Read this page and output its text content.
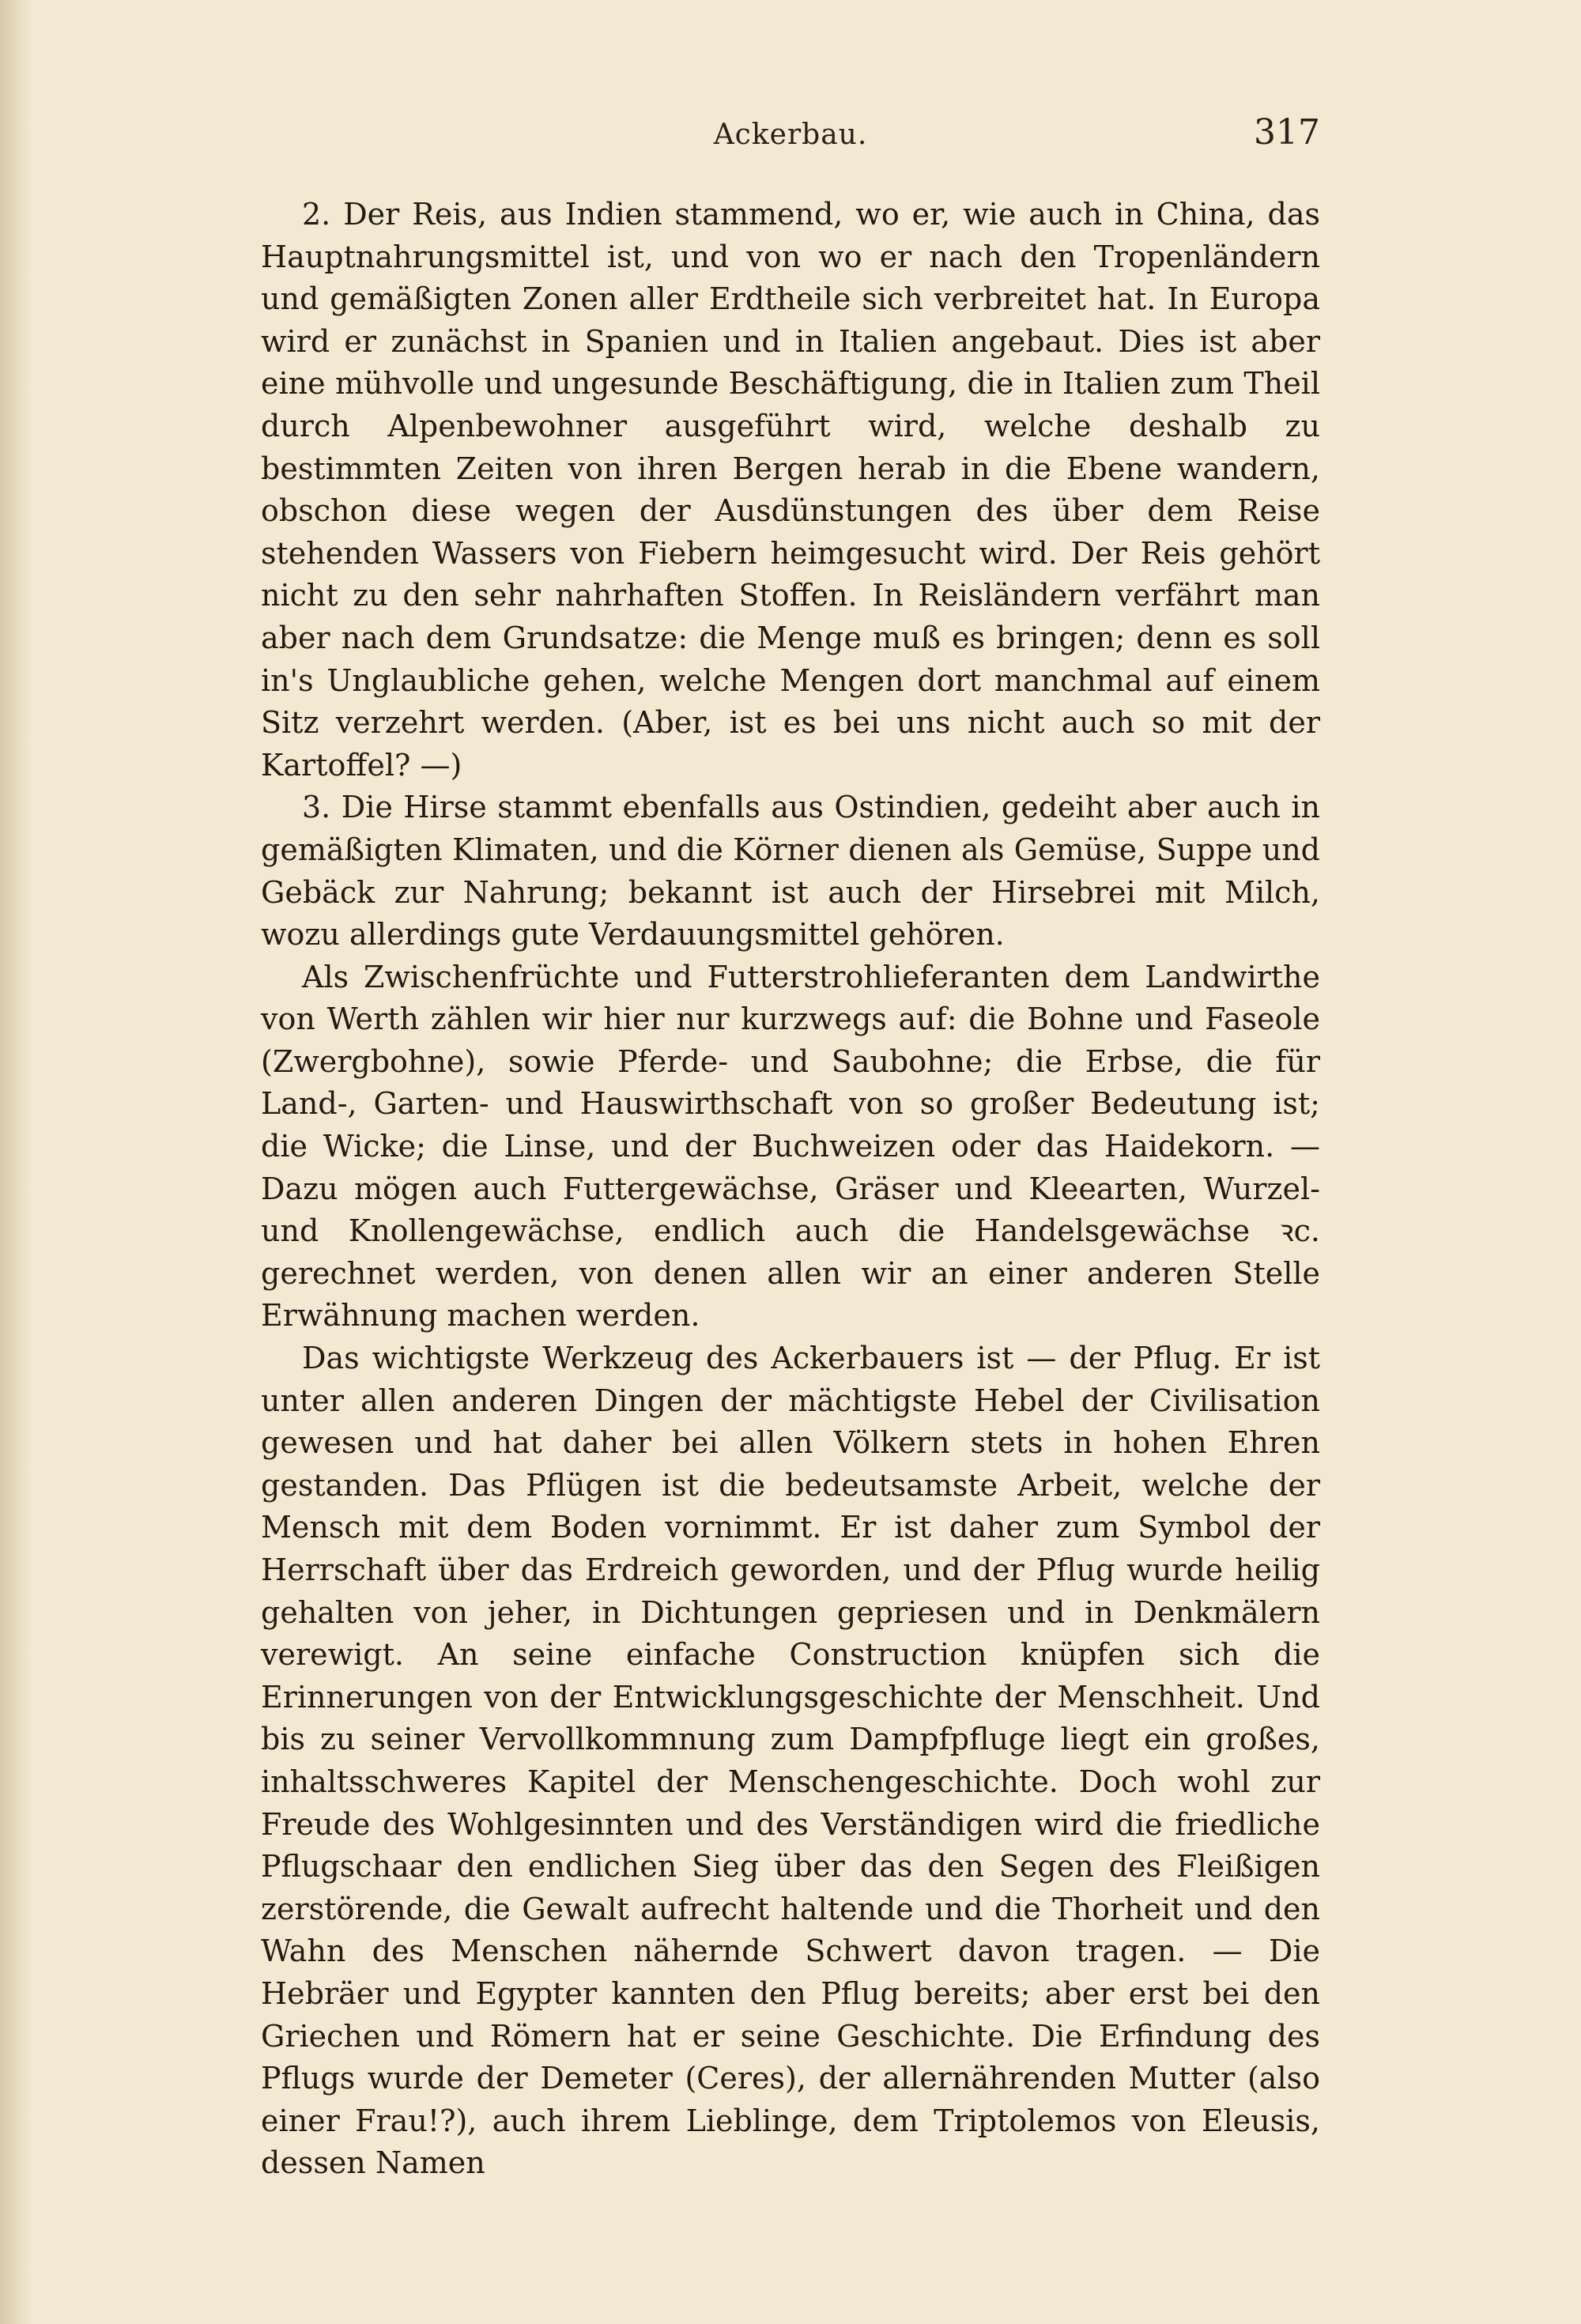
Ackerbau.	317

2. Der Reis, aus Indien stammend, wo er, wie auch in China, das Hauptnahrungsmittel ist, und von wo er nach den Tropenländern und gemäßigten Zonen aller Erdtheile sich verbreitet hat. In Europa wird er zunächst in Spanien und in Italien angebaut. Dies ist aber eine mühvolle und ungesunde Beschäftigung, die in Italien zum Theil durch Alpenbewohner ausgeführt wird, welche deshalb zu bestimmten Zeiten von ihren Bergen herab in die Ebene wandern, obschon diese wegen der Ausdünstungen des über dem Reise stehenden Wassers von Fiebern heimgesucht wird. Der Reis gehört nicht zu den sehr nahrhaften Stoffen. In Reisländern verfährt man aber nach dem Grundsatze: die Menge muß es bringen; denn es soll in's Unglaubliche gehen, welche Mengen dort manchmal auf einem Sitz verzehrt werden. (Aber, ist es bei uns nicht auch so mit der Kartoffel? —)

3. Die Hirse stammt ebenfalls aus Ostindien, gedeiht aber auch in gemäßigten Klimaten, und die Körner dienen als Gemüse, Suppe und Gebäck zur Nahrung; bekannt ist auch der Hirsebrei mit Milch, wozu allerdings gute Verdauungsmittel gehören.

Als Zwischenfrüchte und Futterstrohlieferanten dem Landwirthe von Werth zählen wir hier nur kurzwegs auf: die Bohne und Faseole (Zwergbohne), sowie Pferde- und Saubohne; die Erbse, die für Land-, Garten- und Hauswirthschaft von so großer Bedeutung ist; die Wicke; die Linse, und der Buchweizen oder das Haidekorn. — Dazu mögen auch Futtergewächse, Gräser und Kleearten, Wurzel- und Knollengewächse, endlich auch die Handelsgewächse ꝛc. gerechnet werden, von denen allen wir an einer anderen Stelle Erwähnung machen werden.

Das wichtigste Werkzeug des Ackerbauers ist — der Pflug. Er ist unter allen anderen Dingen der mächtigste Hebel der Civilisation gewesen und hat daher bei allen Völkern stets in hohen Ehren gestanden. Das Pflügen ist die bedeutsamste Arbeit, welche der Mensch mit dem Boden vornimmt. Er ist daher zum Symbol der Herrschaft über das Erdreich geworden, und der Pflug wurde heilig gehalten von jeher, in Dichtungen gepriesen und in Denkmälern verewigt. An seine einfache Construction knüpfen sich die Erinnerungen von der Entwicklungsgeschichte der Menschheit. Und bis zu seiner Vervollkommnung zum Dampfpfluge liegt ein großes, inhaltsschweres Kapitel der Menschengeschichte. Doch wohl zur Freude des Wohlgesinnten und des Verständigen wird die friedliche Pflugschaar den endlichen Sieg über das den Segen des Fleißigen zerstörende, die Gewalt aufrecht haltende und die Thorheit und den Wahn des Menschen nähernde Schwert davon tragen. — Die Hebräer und Egypter kannten den Pflug bereits; aber erst bei den Griechen und Römern hat er seine Geschichte. Die Erfindung des Pflugs wurde der Demeter (Ceres), der allernährenden Mutter (also einer Frau!?), auch ihrem Lieblinge, dem Triptolemos von Eleusis, dessen Namen
